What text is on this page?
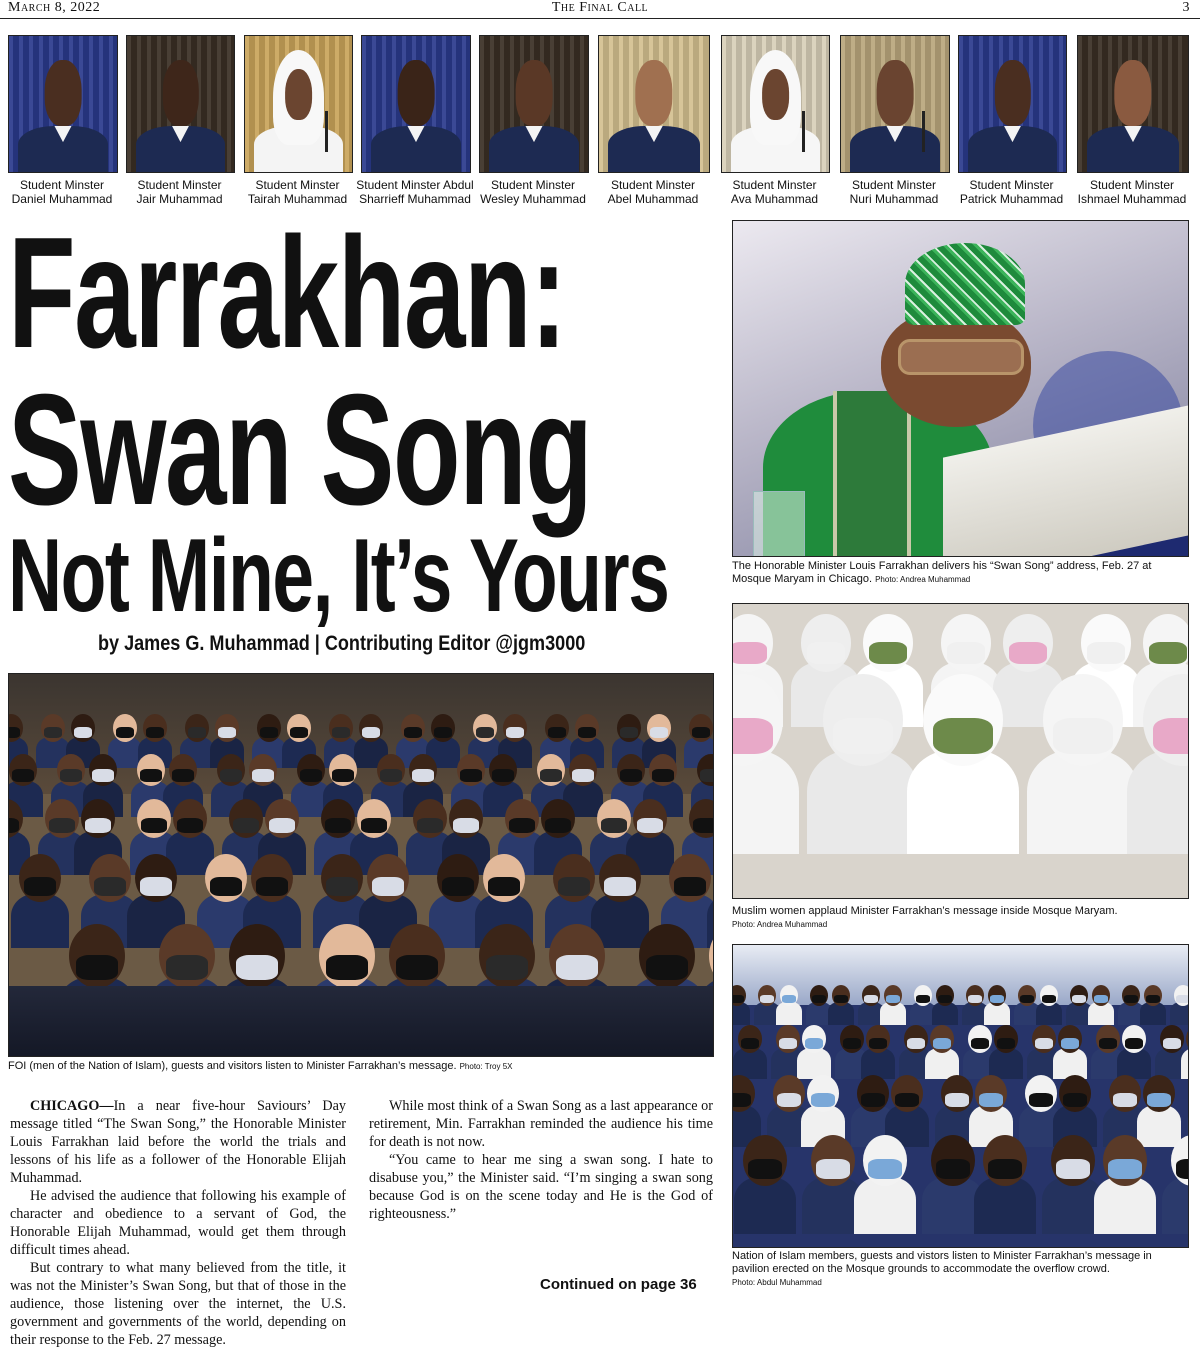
March 8, 2022	The Final Call	3
Student Minster
Daniel Muhammad
Student Minster
Jair Muhammad
Student Minster
Tairah Muhammad
Student Minster Abdul
Sharrieff Muhammad
Student Minster
Wesley Muhammad
Student Minster
Abel Muhammad
Student Minster
Ava Muhammad
Student Minster
Nuri Muhammad
Student Minster
Patrick Muhammad
Student Minster
Ishmael Muhammad
Farrakhan:
Swan Song
Not Mine, It’s Yours
by James G. Muhammad | Contributing Editor @jgm3000
FOI (men of the Nation of Islam), guests and visitors listen to Minister Farrakhan’s message. Photo: Troy 5X
The Honorable Minister Louis Farrakhan delivers his “Swan Song” address, Feb. 27 at Mosque Maryam in Chicago. Photo: Andrea Muhammad
Muslim women applaud Minister Farrakhan’s message inside Mosque Maryam.
Photo: Andrea Muhammad
Nation of Islam members, guests and vistors listen to Minister Farrakhan’s message in pavilion erected on the Mosque grounds to accommodate the overflow crowd.
Photo: Abdul Muhammad

CHICAGO—In a near five-hour Saviours’ Day message titled “The Swan Song,” the Honorable Minister Louis Farrakhan laid before the world the trials and lessons of his life as a follower of the Honorable Elijah Muhammad.

He advised the audience that following his example of character and obedience to a servant of God, the Honorable Elijah Muhammad, would get them through difficult times ahead.

But contrary to what many believed from the title, it was not the Minister’s Swan Song, but that of those in the audience, those listening over the internet, the U.S. government and governments of the world, depending on their response to the Feb. 27 message.

While most think of a Swan Song as a last appearance or retirement, Min. Farrakhan reminded the audience his time for death is not now.

“You came to hear me sing a swan song. I hate to disabuse you,” the Minister said. “I’m singing a swan song because God is on the scene today and He is the God of righteousness.”

Continued on page 36
